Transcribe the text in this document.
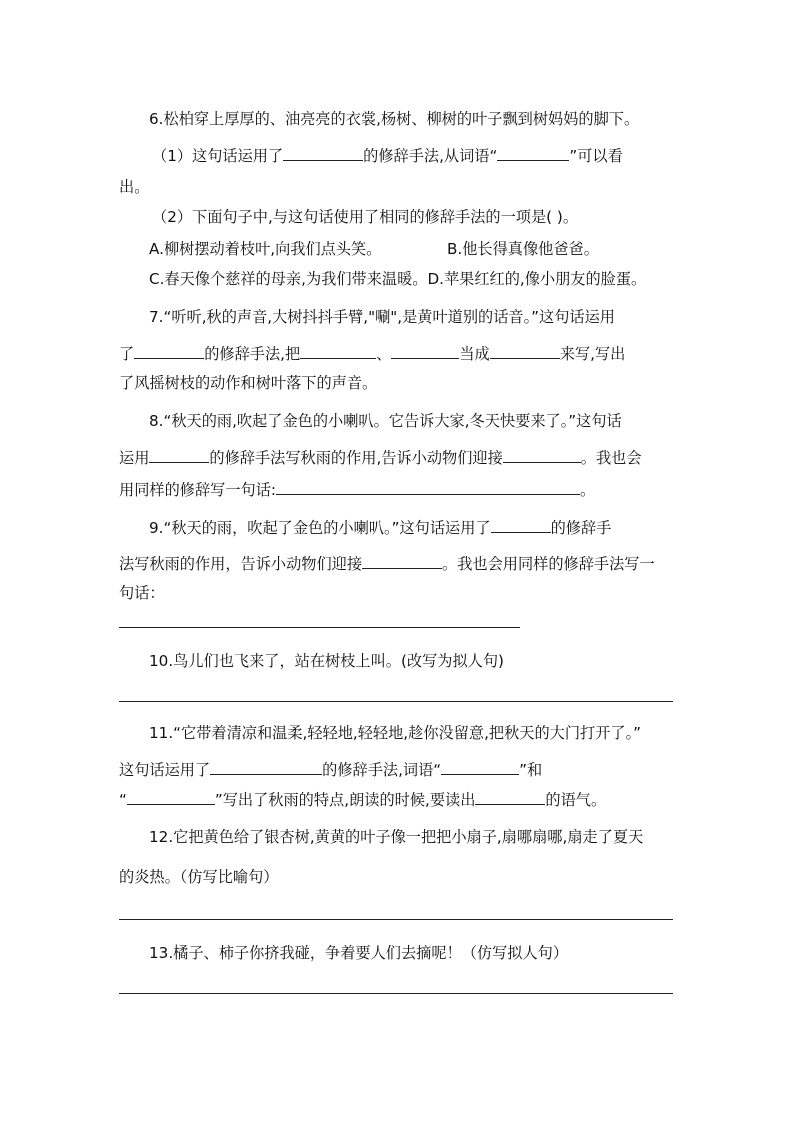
6.松柏穿上厚厚的、油亮亮的衣裳,杨树、柳树的叶子飘到树妈妈的脚下。
（1）这句话运用了	的修辞手法,从词语“	”可以看
出。
（2）下面句子中,与这句话使用了相同的修辞手法的一项是( )。
A.柳树摆动着枝叶,向我们点头笑。	B.他长得真像他爸爸。
C.春天像个慈祥的母亲,为我们带来温暖。D.苹果红红的,像小朋友的脸蛋。
7.“听听,秋的声音,大树抖抖手臂,"唰",是黄叶道别的话音。”这句话运用
了	的修辞手法,把	、	当成	来写,写出
了风摇树枝的动作和树叶落下的声音。
8.“秋天的雨,吹起了金色的小喇叭。它告诉大家,冬天快要来了。”这句话
运用	的修辞手法写秋雨的作用,告诉小动物们迎接	。我也会
用同样的修辞写一句话:	。
9.“秋天的雨，吹起了金色的小喇叭。”这句话运用了	的修辞手
法写秋雨的作用，告诉小动物们迎接	。我也会用同样的修辞手法写一
句话：
10.鸟儿们也飞来了，站在树枝上叫。(改写为拟人句)
11.“它带着清凉和温柔,轻轻地,轻轻地,趁你没留意,把秋天的大门打开了。”
这句话运用了	的修辞手法,词语“	”和
“	”写出了秋雨的特点,朗读的时候,要读出	的语气。
12.它把黄色给了银杏树,黄黄的叶子像一把把小扇子,扇哪扇哪,扇走了夏天
的炎热。（仿写比喻句）
13.橘子、柿子你挤我碰，争着要人们去摘呢！（仿写拟人句）
